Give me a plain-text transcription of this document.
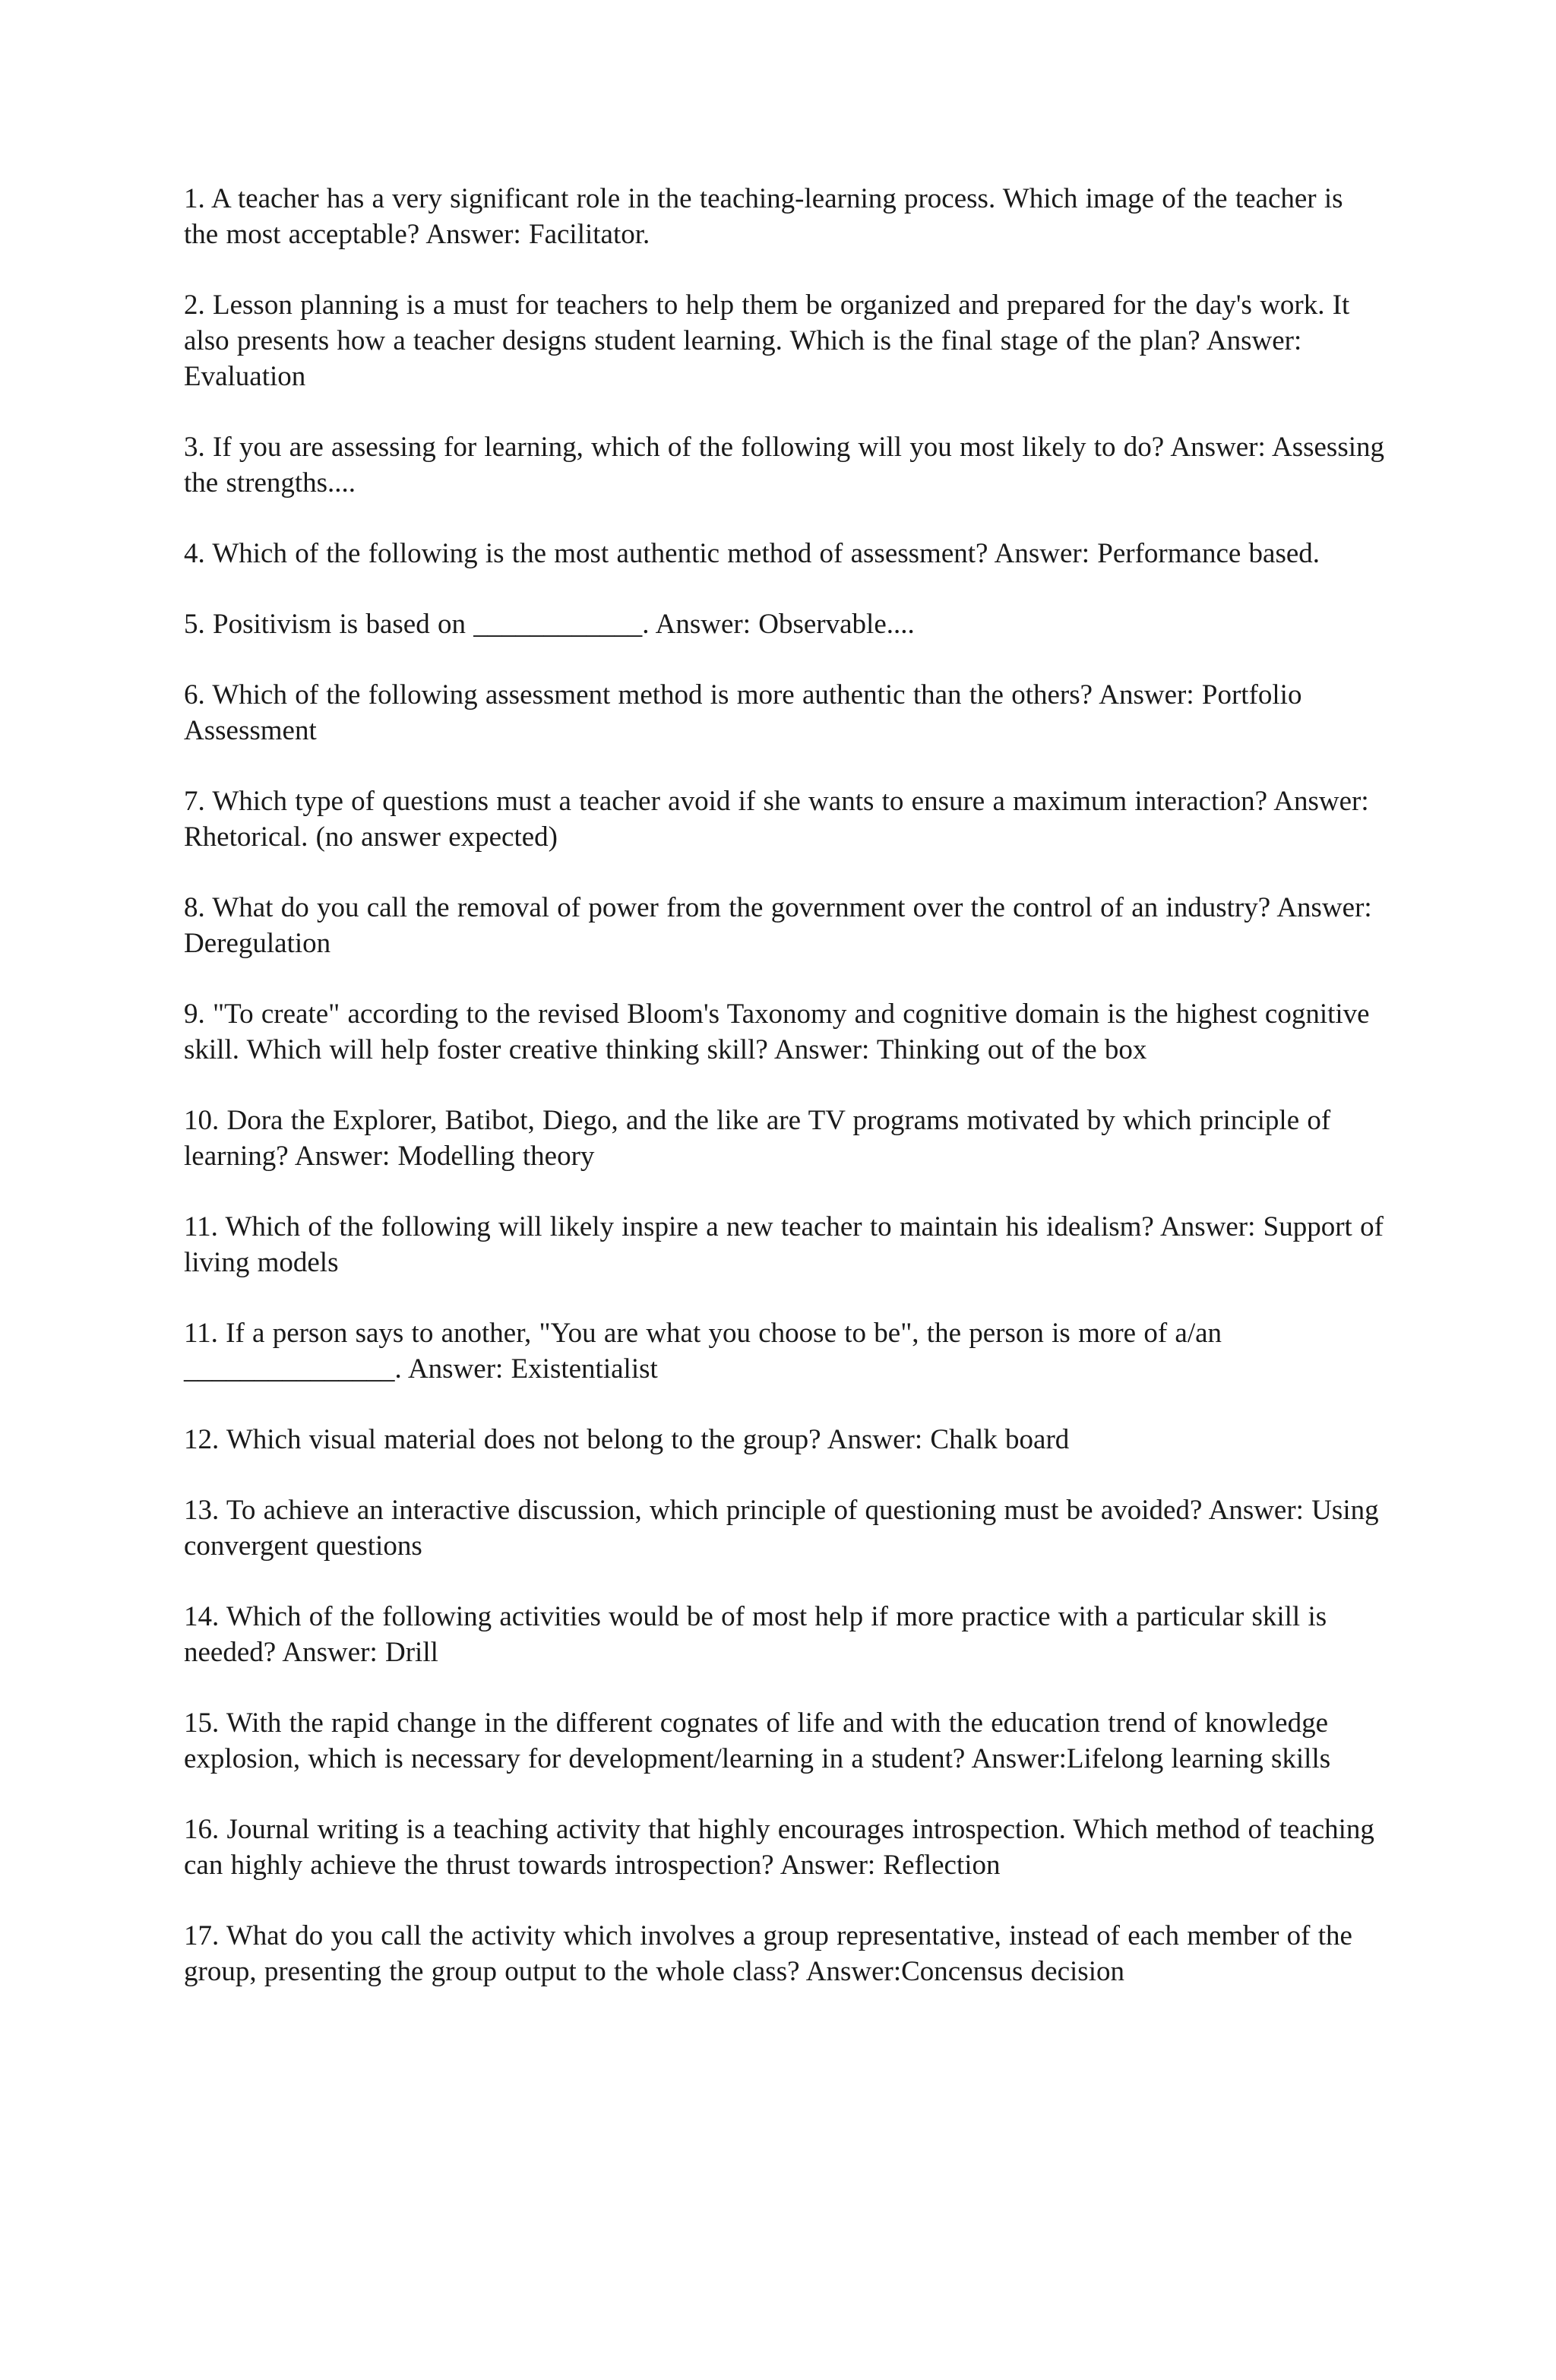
1. A teacher has a very significant role in the teaching-learning process. Which image of the teacher is the most acceptable? Answer: Facilitator.

2. Lesson planning is a must for teachers to help them be organized and prepared for the day's work. It also presents how a teacher designs student learning. Which is the final stage of the plan? Answer: Evaluation

3. If you are assessing for learning, which of the following will you most likely to do? Answer: Assessing the strengths....

4. Which of the following is the most authentic method of assessment? Answer: Performance based.

5. Positivism is based on ____________. Answer: Observable....

6. Which of the following assessment method is more authentic than the others? Answer: Portfolio Assessment

7. Which type of questions must a teacher avoid if she wants to ensure a maximum interaction? Answer: Rhetorical. (no answer expected)

8. What do you call the removal of power from the government over the control of an industry? Answer: Deregulation

9. "To create" according to the revised Bloom's Taxonomy and cognitive domain is the highest cognitive skill. Which will help foster creative thinking skill? Answer: Thinking out of the box

10. Dora the Explorer, Batibot, Diego, and the like are TV programs motivated by which principle of learning? Answer: Modelling theory

11. Which of the following will likely inspire a new teacher to maintain his idealism? Answer: Support of living models

11. If a person says to another, "You are what you choose to be", the person is more of a/an _______________. Answer: Existentialist

12. Which visual material does not belong to the group? Answer: Chalk board

13. To achieve an interactive discussion, which principle of questioning must be avoided? Answer: Using convergent questions

14. Which of the following activities would be of most help if more practice with a particular skill is needed? Answer: Drill

15. With the rapid change in the different cognates of life and with the education trend of knowledge explosion, which is necessary for development/learning in a student? Answer:Lifelong learning skills

16. Journal writing is a teaching activity that highly encourages introspection. Which method of teaching can highly achieve the thrust towards introspection? Answer: Reflection

17. What do you call the activity which involves a group representative, instead of each member of the group, presenting the group output to the whole class? Answer:Concensus decision
